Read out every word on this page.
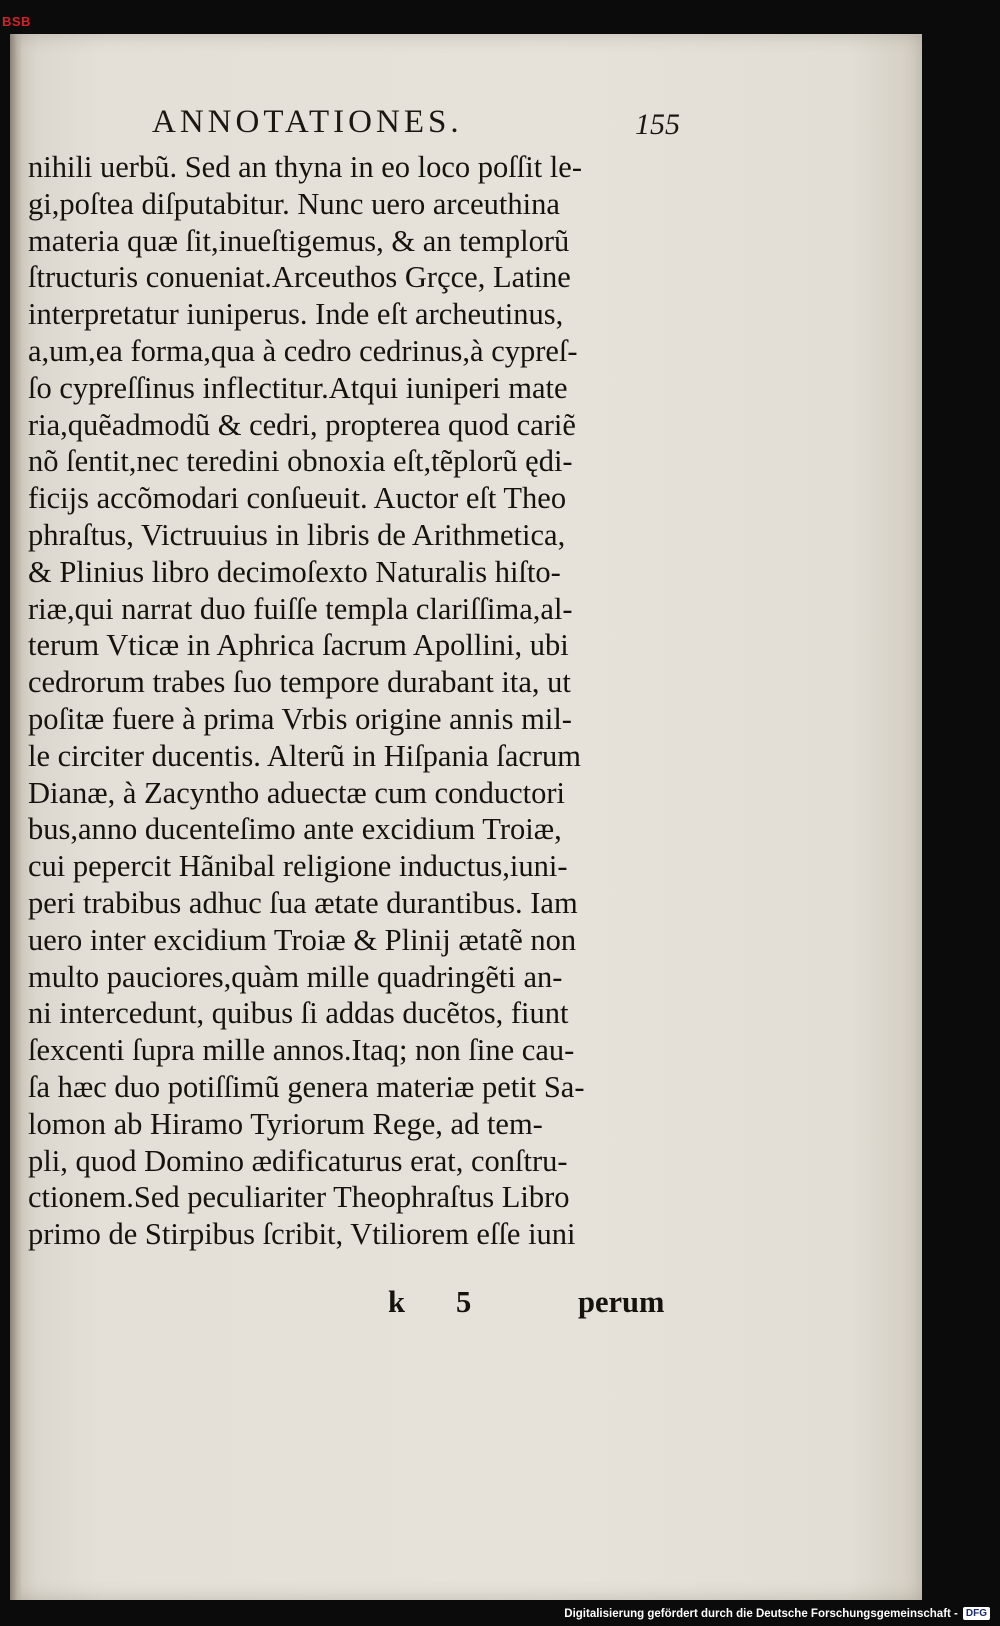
BSB
ANNOTATIONES.	155
nihili uerbũ. Sed an thyna in eo loco poſſit le-
gi,poſtea diſputabitur. Nunc uero arceuthina
materia quæ ſit,inueſtigemus, & an templorũ
ſtructuris conueniat.Arceuthos Grçce, Latine
interpretatur iuniperus. Inde eſt archeutinus,
a,um,ea forma,qua à cedro cedrinus,à cypreſ-
ſo cypreſſinus inflectitur.Atqui iuniperi mate
ria,quẽadmodũ & cedri, propterea quod cariẽ
nõ ſentit,nec teredini obnoxia eſt,tẽplorũ ędi-
ficijs accõmodari conſueuit. Auctor eſt Theo
phraſtus, Victruuius in libris de Arithmetica,
& Plinius libro decimoſexto Naturalis hiſto-
riæ,qui narrat duo fuiſſe templa clariſſima,al-
terum Vticæ in Aphrica ſacrum Apollini, ubi
cedrorum trabes ſuo tempore durabant ita, ut
poſitæ fuere à prima Vrbis origine annis mil-
le circiter ducentis. Alterũ in Hiſpania ſacrum
Dianæ, à Zacyntho aduectæ cum conductori
bus,anno ducenteſimo ante excidium Troiæ,
cui pepercit Hãnibal religione inductus,iuni-
peri trabibus adhuc ſua ætate durantibus. Iam
uero inter excidium Troiæ & Plinij ætatẽ non
multo pauciores,quàm mille quadringẽti an-
ni intercedunt, quibus ſi addas ducẽtos, fiunt
ſexcenti ſupra mille annos.Itaq; non ſine cau-
ſa hæc duo potiſſimũ genera materiæ petit Sa-
lomon ab Hiramo Tyriorum Rege, ad tem-
pli, quod Domino ædificaturus erat, conſtru-
ctionem.Sed peculiariter Theophraſtus Libro
primo de Stirpibus ſcribit, Vtiliorem eſſe iuni
k 5	perum
Digitalisierung gefördert durch die Deutsche Forschungsgemeinschaft - DFG
